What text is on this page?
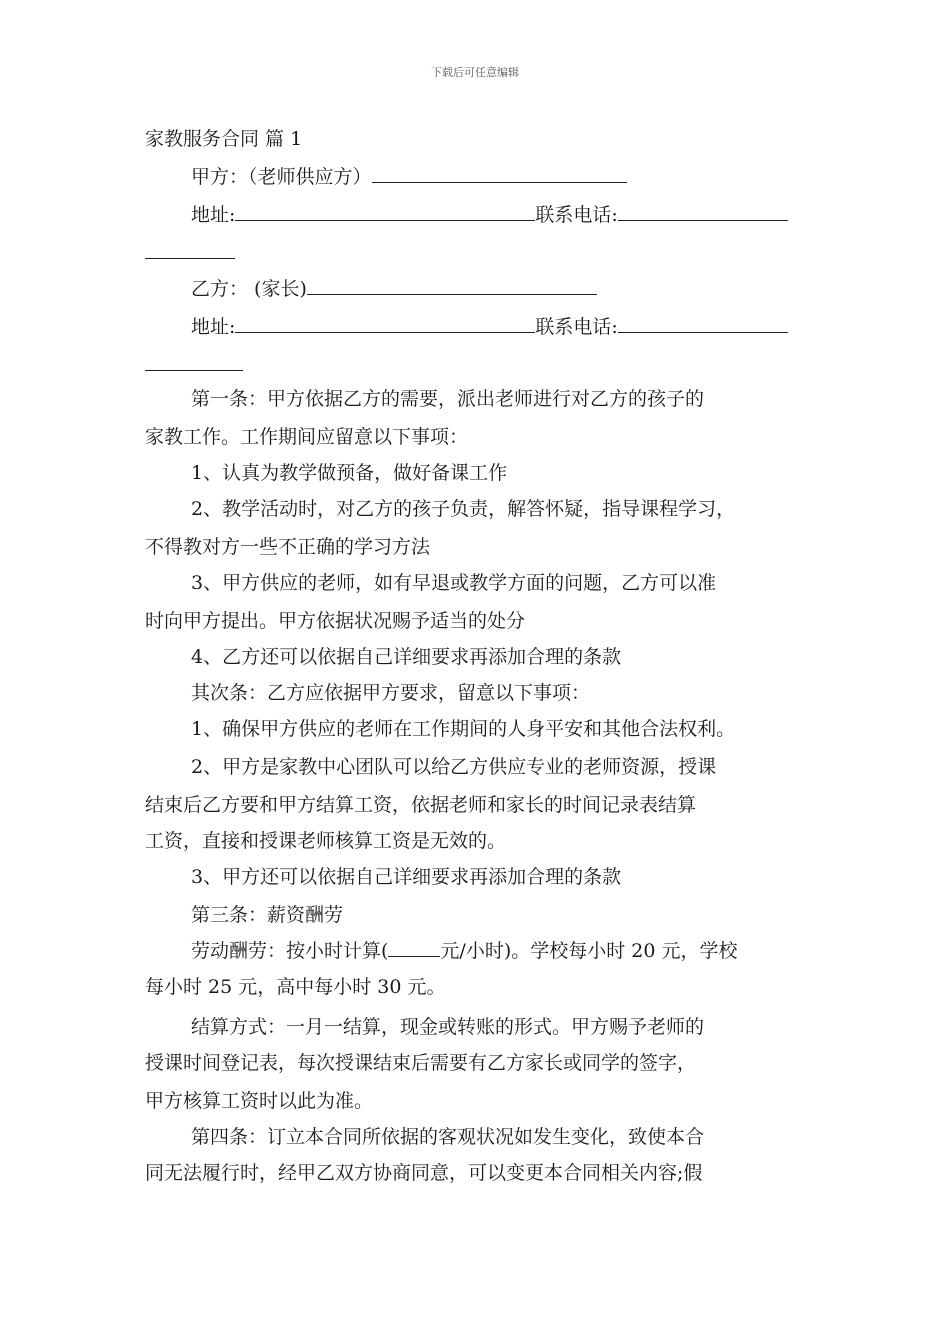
下载后可任意编辑
家教服务合同 篇 1
甲方：（老师供应方）
地址:	联系电话:
乙方： (家长)
地址:	联系电话:
第一条：甲方依据乙方的需要，派出老师进行对乙方的孩子的
家教工作。工作期间应留意以下事项：
1、认真为教学做预备，做好备课工作
2、教学活动时，对乙方的孩子负责，解答怀疑，指导课程学习，
不得教对方一些不正确的学习方法
3、甲方供应的老师，如有早退或教学方面的问题，乙方可以准
时向甲方提出。甲方依据状况赐予适当的处分
4、乙方还可以依据自己详细要求再添加合理的条款
其次条：乙方应依据甲方要求，留意以下事项：
1、确保甲方供应的老师在工作期间的人身平安和其他合法权利。
2、甲方是家教中心团队可以给乙方供应专业的老师资源，授课
结束后乙方要和甲方结算工资，依据老师和家长的时间记录表结算
工资，直接和授课老师核算工资是无效的。
3、甲方还可以依据自己详细要求再添加合理的条款
第三条：薪资酬劳
劳动酬劳：按小时计算(	元/小时)。学校每小时 20 元，学校
每小时 25 元，高中每小时 30 元。
结算方式：一月一结算，现金或转账的形式。甲方赐予老师的
授课时间登记表，每次授课结束后需要有乙方家长或同学的签字，
甲方核算工资时以此为准。
第四条：订立本合同所依据的客观状况如发生变化，致使本合
同无法履行时，经甲乙双方协商同意，可以变更本合同相关内容;假
